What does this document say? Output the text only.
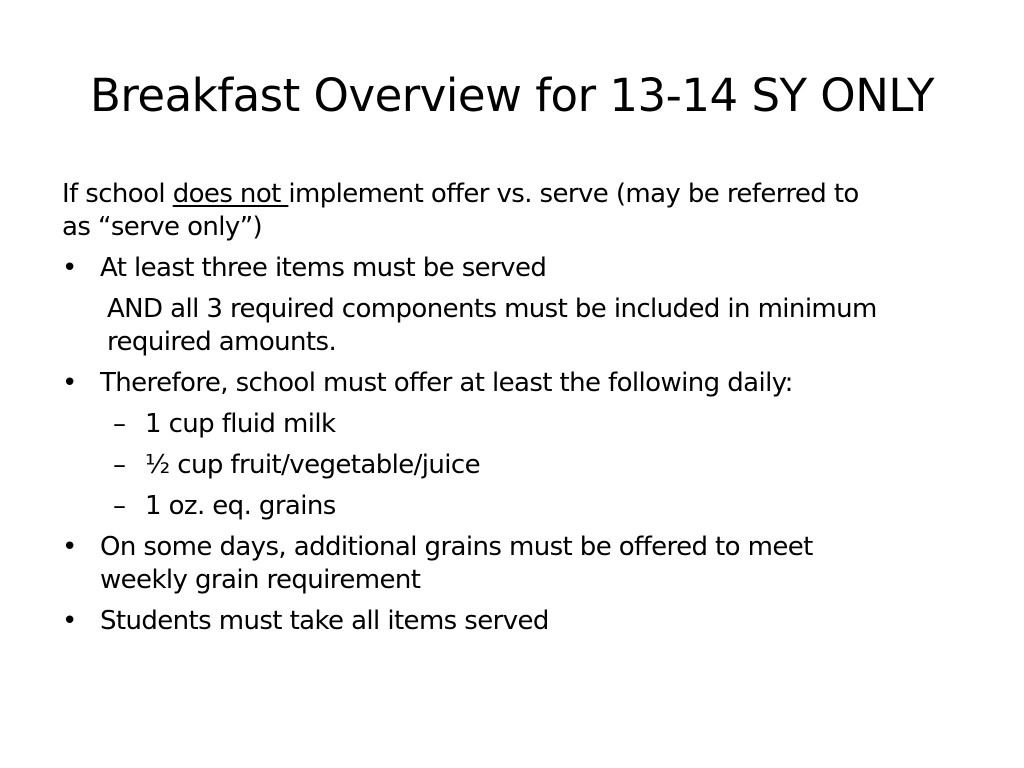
Breakfast Overview for 13-14 SY ONLY
If school does not implement offer vs. serve (may be referred to
as “serve only”)
• At least three items must be served
AND all 3 required components must be included in minimum
required amounts.
• Therefore, school must offer at least the following daily:
– 1 cup fluid milk
– ½ cup fruit/vegetable/juice
– 1 oz. eq. grains
• On some days, additional grains must be offered to meet
weekly grain requirement
• Students must take all items served
